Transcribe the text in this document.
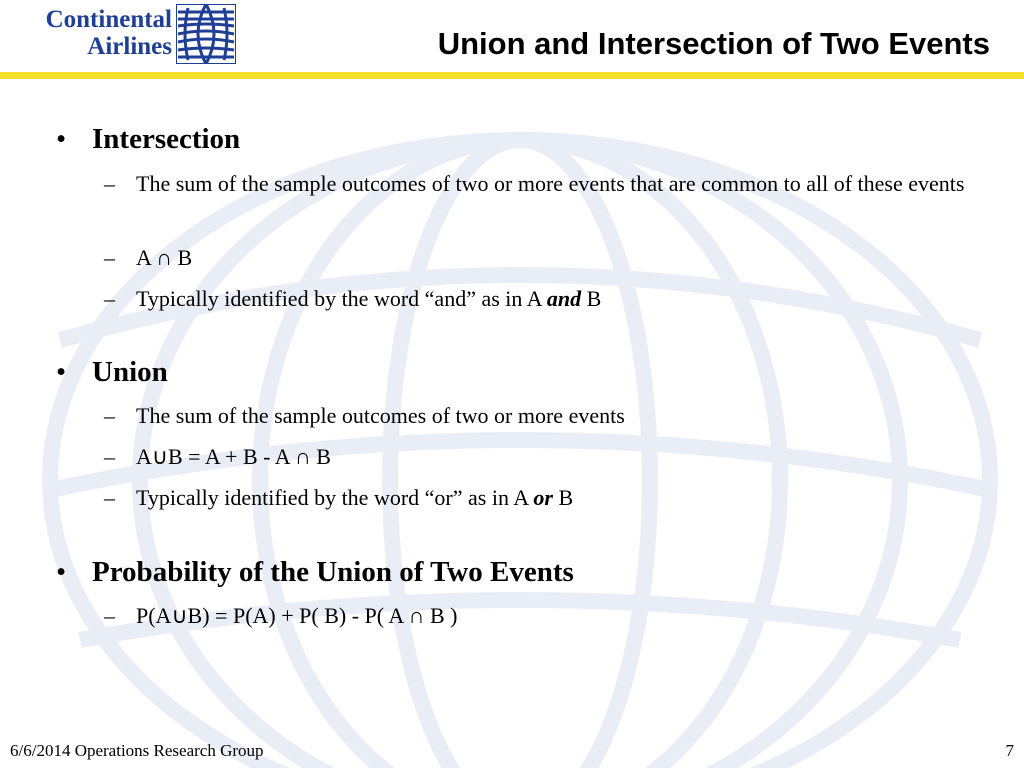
Continental
Airlines	Union and Intersection of Two Events
• Intersection
– The sum of the sample outcomes of two or more events that are common to all of these events
– A ∩ B
– Typically identified by the word “and” as in A and B
• Union
– The sum of the sample outcomes of two or more events
– A∪B = A + B - A ∩ B
– Typically identified by the word “or” as in A or B
• Probability of the Union of Two Events
– P(A∪B) = P(A) + P( B) - P( A ∩ B )
6/6/2014 Operations Research Group	7
